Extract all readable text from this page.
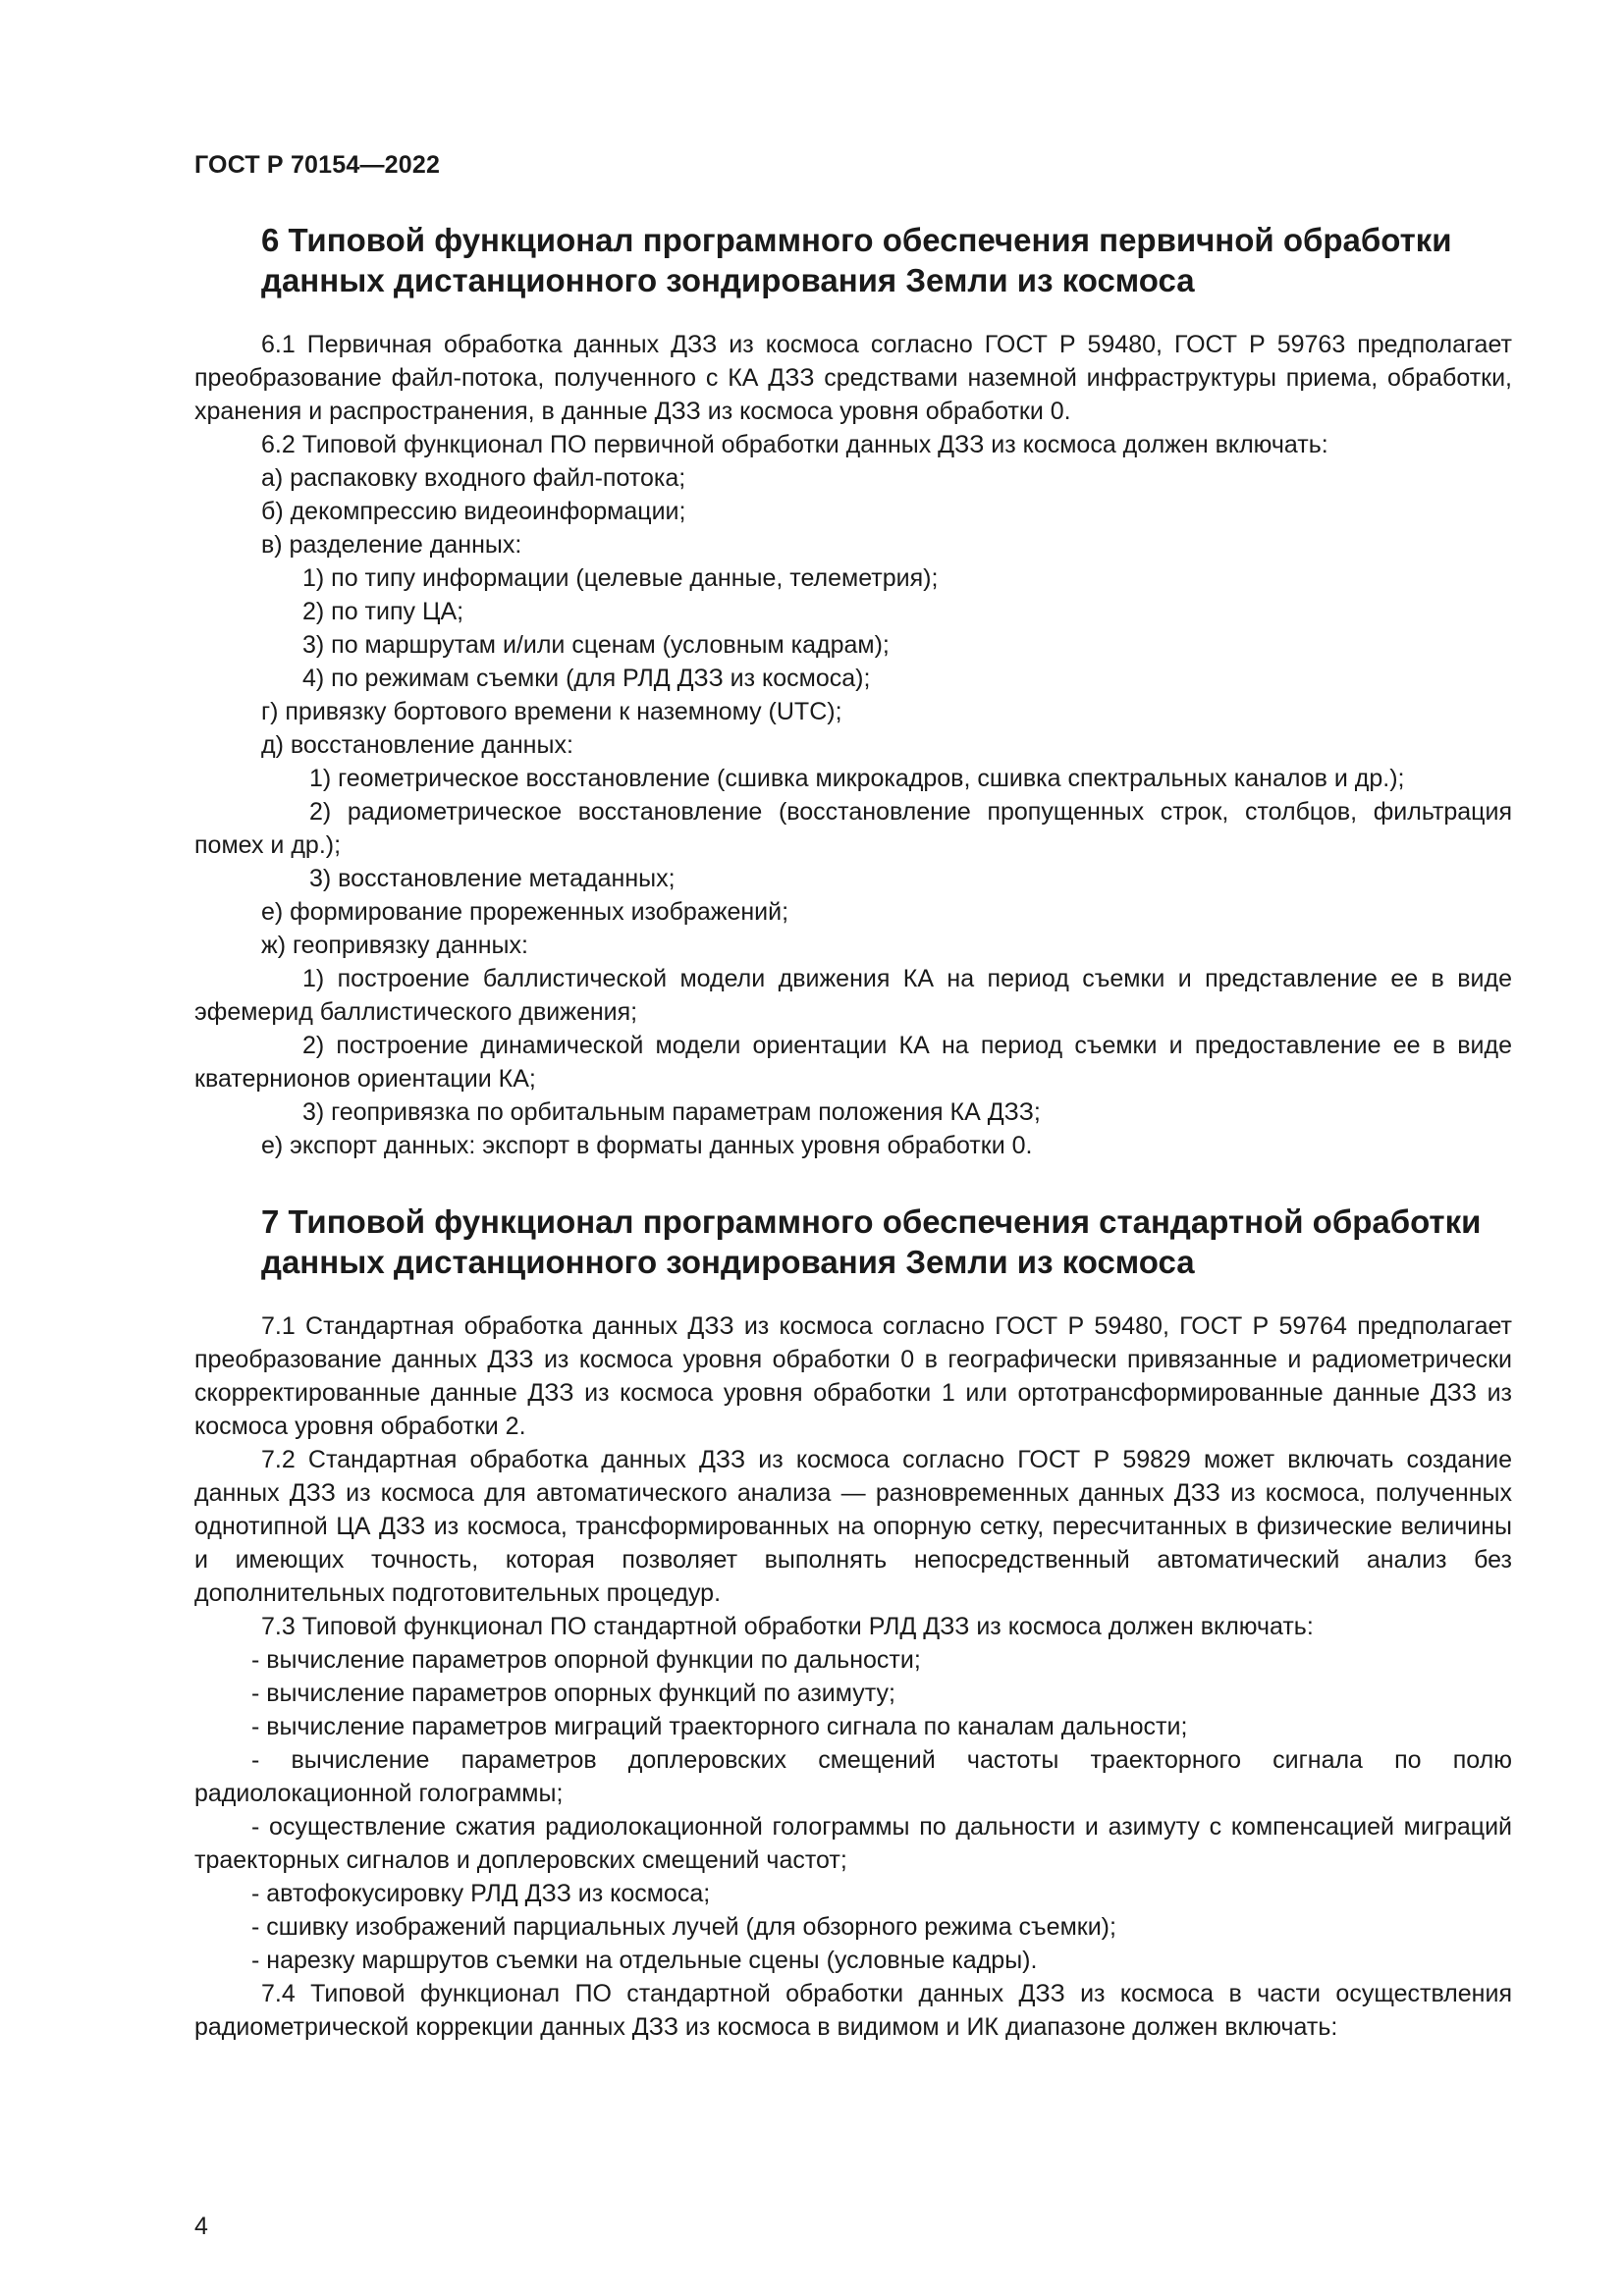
ГОСТ Р 70154—2022
6 Типовой функционал программного обеспечения первичной обработки
данных дистанционного зондирования Земли из космоса

6.1 Первичная обработка данных ДЗЗ из космоса согласно ГОСТ Р 59480, ГОСТ Р 59763 предполагает преобразование файл-потока, полученного с КА ДЗЗ средствами наземной инфраструктуры приема, обработки, хранения и распространения, в данные ДЗЗ из космоса уровня обработки 0.

6.2 Типовой функционал ПО первичной обработки данных ДЗЗ из космоса должен включать:

а) распаковку входного файл-потока;

б) декомпрессию видеоинформации;

в) разделение данных:

1) по типу информации (целевые данные, телеметрия);

2) по типу ЦА;

3) по маршрутам и/или сценам (условным кадрам);

4) по режимам съемки (для РЛД ДЗЗ из космоса);

г) привязку бортового времени к наземному (UTC);

д) восстановление данных:

1) геометрическое восстановление (сшивка микрокадров, сшивка спектральных каналов и др.);

2) радиометрическое восстановление (восстановление пропущенных строк, столбцов, фильтрация помех и др.);

3) восстановление метаданных;

е) формирование прореженных изображений;

ж) геопривязку данных:

1) построение баллистической модели движения КА на период съемки и представление ее в виде эфемерид баллистического движения;

2) построение динамической модели ориентации КА на период съемки и предоставление ее в виде кватернионов ориентации КА;

3) геопривязка по орбитальным параметрам положения КА ДЗЗ;

е) экспорт данных: экспорт в форматы данных уровня обработки 0.

7 Типовой функционал программного обеспечения стандартной обработки
данных дистанционного зондирования Земли из космоса

7.1 Стандартная обработка данных ДЗЗ из космоса согласно ГОСТ Р 59480, ГОСТ Р 59764 предполагает преобразование данных ДЗЗ из космоса уровня обработки 0 в географически привязанные и радиометрически скорректированные данные ДЗЗ из космоса уровня обработки 1 или ортотрансформированные данные ДЗЗ из космоса уровня обработки 2.

7.2 Стандартная обработка данных ДЗЗ из космоса согласно ГОСТ Р 59829 может включать создание данных ДЗЗ из космоса для автоматического анализа — разновременных данных ДЗЗ из космоса, полученных однотипной ЦА ДЗЗ из космоса, трансформированных на опорную сетку, пересчитанных в физические величины и имеющих точность, которая позволяет выполнять непосредственный автоматический анализ без дополнительных подготовительных процедур.

7.3 Типовой функционал ПО стандартной обработки РЛД ДЗЗ из космоса должен включать:

- вычисление параметров опорной функции по дальности;

- вычисление параметров опорных функций по азимуту;

- вычисление параметров миграций траекторного сигнала по каналам дальности;

- вычисление параметров доплеровских смещений частоты траекторного сигнала по полю радиолокационной голограммы;

- осуществление сжатия радиолокационной голограммы по дальности и азимуту с компенсацией миграций траекторных сигналов и доплеровских смещений частот;

- автофокусировку РЛД ДЗЗ из космоса;

- сшивку изображений парциальных лучей (для обзорного режима съемки);

- нарезку маршрутов съемки на отдельные сцены (условные кадры).

7.4 Типовой функционал ПО стандартной обработки данных ДЗЗ из космоса в части осуществления радиометрической коррекции данных ДЗЗ из космоса в видимом и ИК диапазоне должен включать:

4
